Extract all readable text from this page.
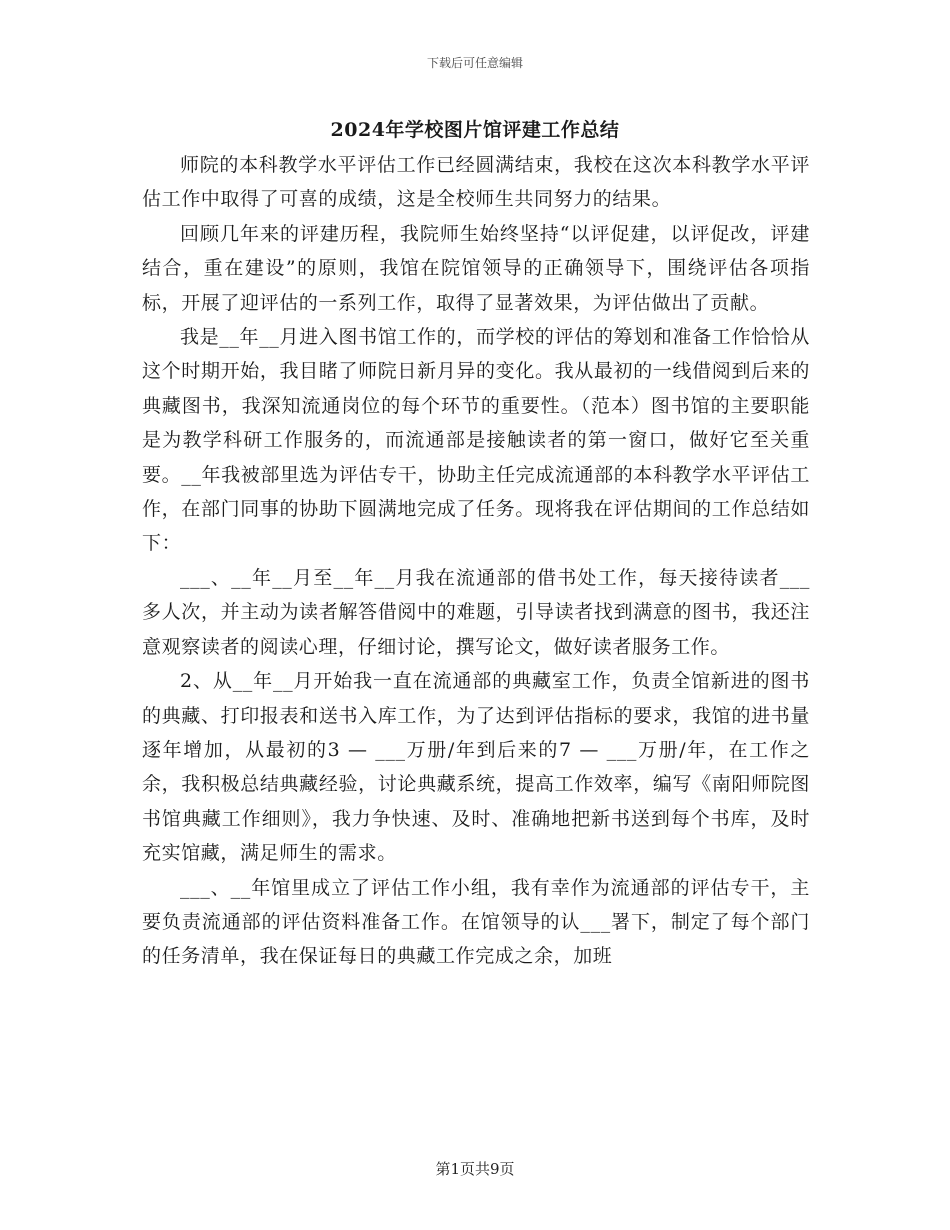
下载后可任意编辑
2024年学校图片馆评建工作总结

师院的本科教学水平评估工作已经圆满结束，我校在这次本科教学水平评估工作中取得了可喜的成绩，这是全校师生共同努力的结果。

回顾几年来的评建历程，我院师生始终坚持“以评促建，以评促改，评建结合，重在建设”的原则，我馆在院馆领导的正确领导下，围绕评估各项指标，开展了迎评估的一系列工作，取得了显著效果，为评估做出了贡献。

我是__年__月进入图书馆工作的，而学校的评估的筹划和准备工作恰恰从这个时期开始，我目睹了师院日新月异的变化。我从最初的一线借阅到后来的典藏图书，我深知流通岗位的每个环节的重要性。（范本）图书馆的主要职能是为教学科研工作服务的，而流通部是接触读者的第一窗口，做好它至关重要。__年我被部里选为评估专干，协助主任完成流通部的本科教学水平评估工作，在部门同事的协助下圆满地完成了任务。现将我在评估期间的工作总结如下：

___、__年__月至__年__月我在流通部的借书处工作，每天接待读者___多人次，并主动为读者解答借阅中的难题，引导读者找到满意的图书，我还注意观察读者的阅读心理，仔细讨论，撰写论文，做好读者服务工作。

2、从__年__月开始我一直在流通部的典藏室工作，负责全馆新进的图书的典藏、打印报表和送书入库工作，为了达到评估指标的要求，我馆的进书量逐年增加，从最初的3 — ___万册/年到后来的7 — ___万册/年，在工作之余，我积极总结典藏经验，讨论典藏系统，提高工作效率，编写《南阳师院图书馆典藏工作细则》，我力争快速、及时、准确地把新书送到每个书库，及时充实馆藏，满足师生的需求。

___、__年馆里成立了评估工作小组，我有幸作为流通部的评估专干，主要负责流通部的评估资料准备工作。在馆领导的认___署下，制定了每个部门的任务清单，我在保证每日的典藏工作完成之余，加班

第1页共9页
